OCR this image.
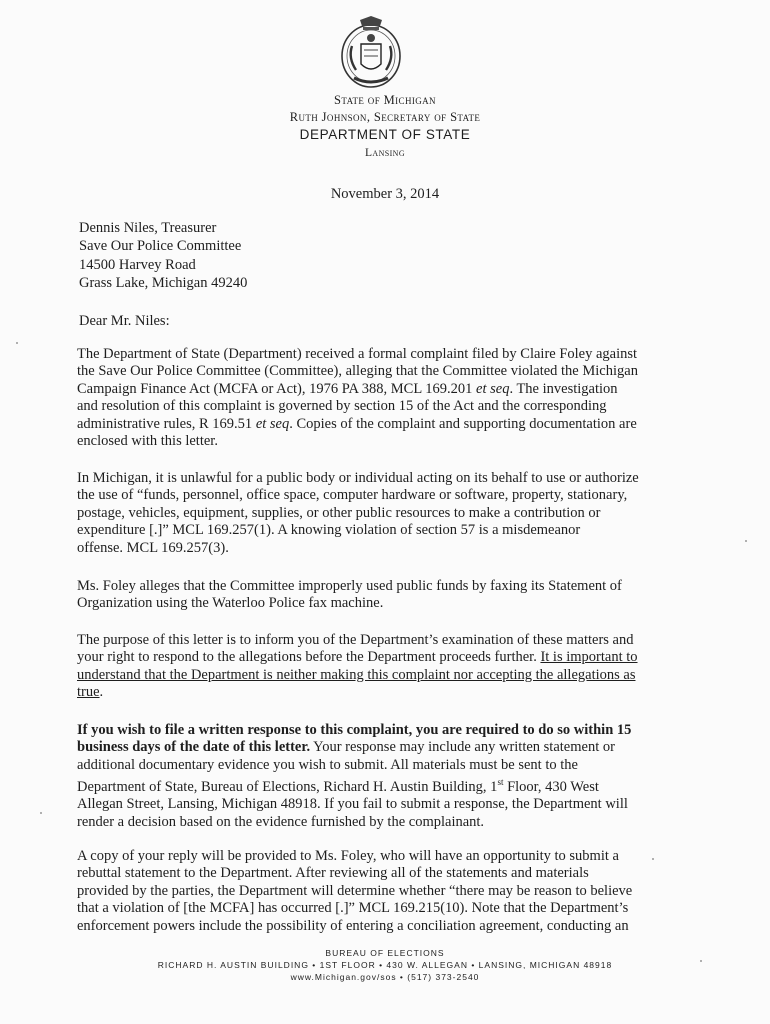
State of Michigan
Ruth Johnson, Secretary of State
DEPARTMENT OF STATE
Lansing
November 3, 2014
Dennis Niles, Treasurer
Save Our Police Committee
14500 Harvey Road
Grass Lake, Michigan 49240
Dear Mr. Niles:
The Department of State (Department) received a formal complaint filed by Claire Foley against
the Save Our Police Committee (Committee), alleging that the Committee violated the Michigan
Campaign Finance Act (MCFA or Act), 1976 PA 388, MCL 169.201 et seq. The investigation
and resolution of this complaint is governed by section 15 of the Act and the corresponding
administrative rules, R 169.51 et seq. Copies of the complaint and supporting documentation are
enclosed with this letter.
In Michigan, it is unlawful for a public body or individual acting on its behalf to use or authorize
the use of “funds, personnel, office space, computer hardware or software, property, stationary,
postage, vehicles, equipment, supplies, or other public resources to make a contribution or
expenditure [.]” MCL 169.257(1). A knowing violation of section 57 is a misdemeanor
offense. MCL 169.257(3).
Ms. Foley alleges that the Committee improperly used public funds by faxing its Statement of
Organization using the Waterloo Police fax machine.
The purpose of this letter is to inform you of the Department’s examination of these matters and
your right to respond to the allegations before the Department proceeds further. It is important to
understand that the Department is neither making this complaint nor accepting the allegations as
true.
If you wish to file a written response to this complaint, you are required to do so within 15
business days of the date of this letter. Your response may include any written statement or
additional documentary evidence you wish to submit. All materials must be sent to the
Department of State, Bureau of Elections, Richard H. Austin Building, 1st Floor, 430 West
Allegan Street, Lansing, Michigan 48918. If you fail to submit a response, the Department will
render a decision based on the evidence furnished by the complainant.
A copy of your reply will be provided to Ms. Foley, who will have an opportunity to submit a
rebuttal statement to the Department. After reviewing all of the statements and materials
provided by the parties, the Department will determine whether “there may be reason to believe
that a violation of [the MCFA] has occurred [.]” MCL 169.215(10). Note that the Department’s
enforcement powers include the possibility of entering a conciliation agreement, conducting an
BUREAU OF ELECTIONS
RICHARD H. AUSTIN BUILDING • 1ST FLOOR • 430 W. ALLEGAN • LANSING, MICHIGAN 48918
www.Michigan.gov/sos • (517) 373-2540
